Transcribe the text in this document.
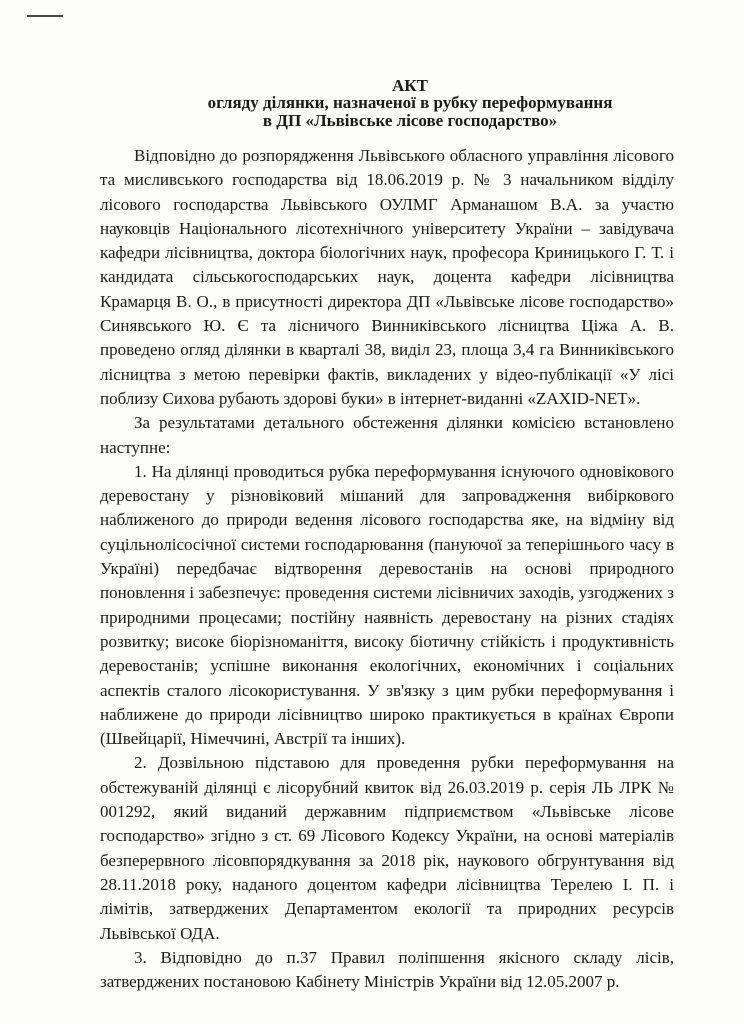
АКТ
огляду ділянки, назначеної в рубку переформування
в ДП «Львівське лісове господарство»

Відповідно до розпорядження Львівського обласного управління лісового та мисливського господарства від 18.06.2019 р. № 3 начальником відділу лісового господарства Львівського ОУЛМГ Арманашом В.А. за участю науковців Національного лісотехнічного університету України – завідувача кафедри лісівництва, доктора біологічних наук, професора Криницького Г. Т. і кандидата сільськогосподарських наук, доцента кафедри лісівництва Крамарця В. О., в присутності директора ДП «Львівське лісове господарство» Синявського Ю. Є та лісничого Винниківського лісництва Ціжа А. В. проведено огляд ділянки в кварталі 38, виділ 23, площа 3,4 га Винниківського лісництва з метою перевірки фактів, викладених у відео-публікації «У лісі поблизу Сихова рубають здорові буки» в інтернет-виданні «ZAXID-NET».

За результатами детального обстеження ділянки комісією встановлено наступне:

1. На ділянці проводиться рубка переформування існуючого одновікового деревостану у різновіковий мішаний для запровадження вибіркового наближеного до природи ведення лісового господарства яке, на відміну від суцільнолісосічної системи господарювання (пануючої за теперішнього часу в Україні) передбачає відтворення деревостанів на основі природного поновлення і забезпечує: проведення системи лісівничих заходів, узгоджених з природними процесами; постійну наявність деревостану на різних стадіях розвитку; високе біорізноманіття, високу біотичну стійкість і продуктивність деревостанів; успішне виконання екологічних, економічних і соціальних аспектів сталого лісокористування. У зв'язку з цим рубки переформування і наближене до природи лісівництво широко практикується в країнах Європи (Швейцарії, Німеччині, Австрії та інших).

2. Дозвільною підставою для проведення рубки переформування на обстежуваній ділянці є лісорубний квиток від 26.03.2019 р. серія ЛЬ ЛРК № 001292, який виданий державним підприємством «Львівське лісове господарство» згідно з ст. 69 Лісового Кодексу України, на основі матеріалів безперервного лісовпорядкування за 2018 рік, наукового обгрунтування від 28.11.2018 року, наданого доцентом кафедри лісівництва Терелею І. П. і лімітів, затверджених Департаментом екології та природних ресурсів Львівської ОДА.

3. Відповідно до п.37 Правил поліпшення якісного складу лісів, затверджених постановою Кабінету Міністрів України від 12.05.2007 р.
